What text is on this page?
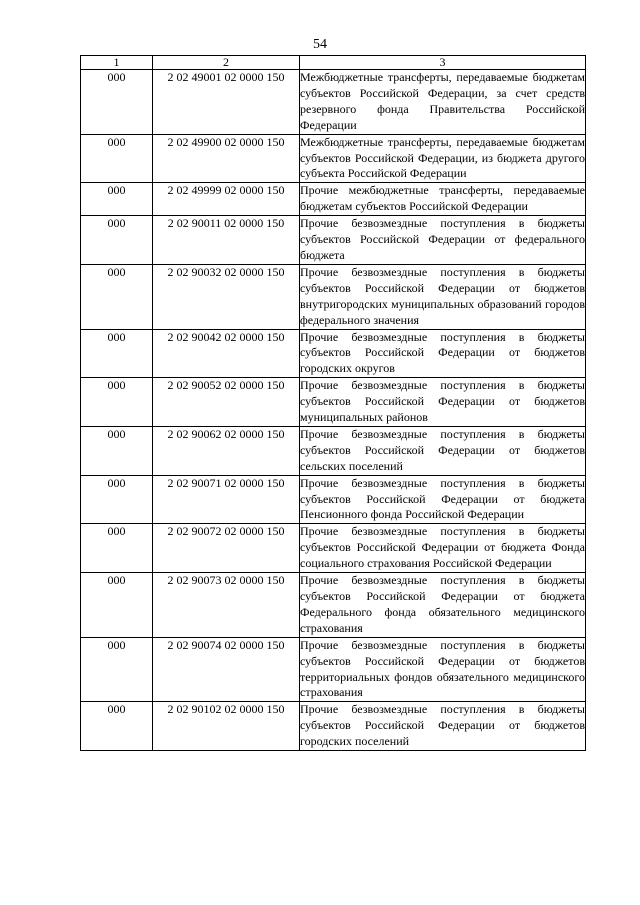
54
1	2	3
000	2 02 49001 02 0000 150	Межбюджетные трансферты, передаваемые бюджетам субъектов Российской Федерации, за счет средств резервного фонда Правительства Российской Федерации
000	2 02 49900 02 0000 150	Межбюджетные трансферты, передаваемые бюджетам субъектов Российской Федерации, из бюджета другого субъекта Российской Федерации
000	2 02 49999 02 0000 150	Прочие межбюджетные трансферты, передаваемые бюджетам субъектов Российской Федерации
000	2 02 90011 02 0000 150	Прочие безвозмездные поступления в бюджеты субъектов Российской Федерации от федерального бюджета
000	2 02 90032 02 0000 150	Прочие безвозмездные поступления в бюджеты субъектов Российской Федерации от бюджетов внутригородских муниципальных образований городов федерального значения
000	2 02 90042 02 0000 150	Прочие безвозмездные поступления в бюджеты субъектов Российской Федерации от бюджетов городских округов
000	2 02 90052 02 0000 150	Прочие безвозмездные поступления в бюджеты субъектов Российской Федерации от бюджетов муниципальных районов
000	2 02 90062 02 0000 150	Прочие безвозмездные поступления в бюджеты субъектов Российской Федерации от бюджетов сельских поселений
000	2 02 90071 02 0000 150	Прочие безвозмездные поступления в бюджеты субъектов Российской Федерации от бюджета Пенсионного фонда Российской Федерации
000	2 02 90072 02 0000 150	Прочие безвозмездные поступления в бюджеты субъектов Российской Федерации от бюджета Фонда социального страхования Российской Федерации
000	2 02 90073 02 0000 150	Прочие безвозмездные поступления в бюджеты субъектов Российской Федерации от бюджета Федерального фонда обязательного медицинского страхования
000	2 02 90074 02 0000 150	Прочие безвозмездные поступления в бюджеты субъектов Российской Федерации от бюджетов территориальных фондов обязательного медицинского страхования
000	2 02 90102 02 0000 150	Прочие безвозмездные поступления в бюджеты субъектов Российской Федерации от бюджетов городских поселений
